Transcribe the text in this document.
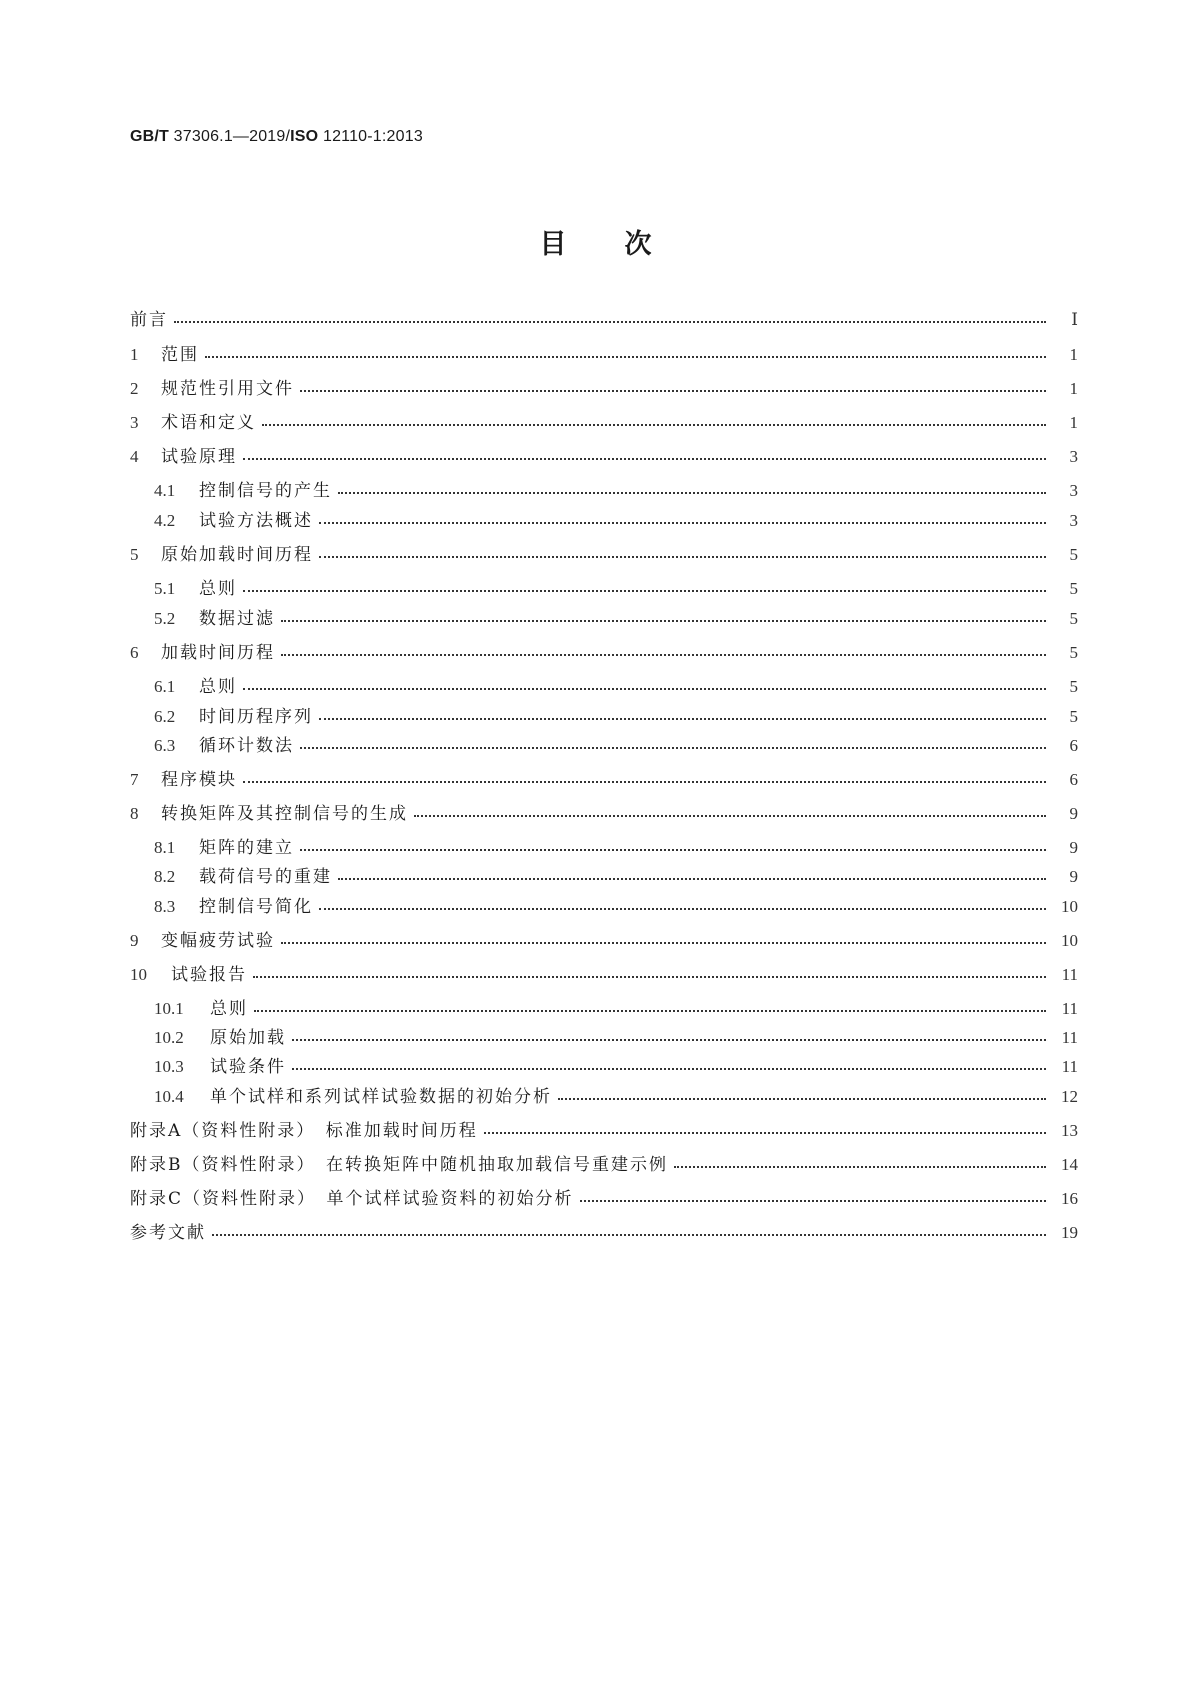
GB/T 37306.1—2019/ISO 12110-1:2013
目次
前言	Ⅰ
1	范围	1
2	规范性引用文件	1
3	术语和定义	1
4	试验原理	3
4.1	控制信号的产生	3
4.2	试验方法概述	3
5	原始加载时间历程	5
5.1	总则	5
5.2	数据过滤	5
6	加载时间历程	5
6.1	总则	5
6.2	时间历程序列	5
6.3	循环计数法	6
7	程序模块	6
8	转换矩阵及其控制信号的生成	9
8.1	矩阵的建立	9
8.2	载荷信号的重建	9
8.3	控制信号简化	10
9	变幅疲劳试验	10
10	试验报告	11
10.1	总则	11
10.2	原始加载	11
10.3	试验条件	11
10.4	单个试样和系列试样试验数据的初始分析	12
附录A（资料性附录）　标准加载时间历程	13
附录B（资料性附录）　在转换矩阵中随机抽取加载信号重建示例	14
附录C（资料性附录）　单个试样试验资料的初始分析	16
参考文献	19
